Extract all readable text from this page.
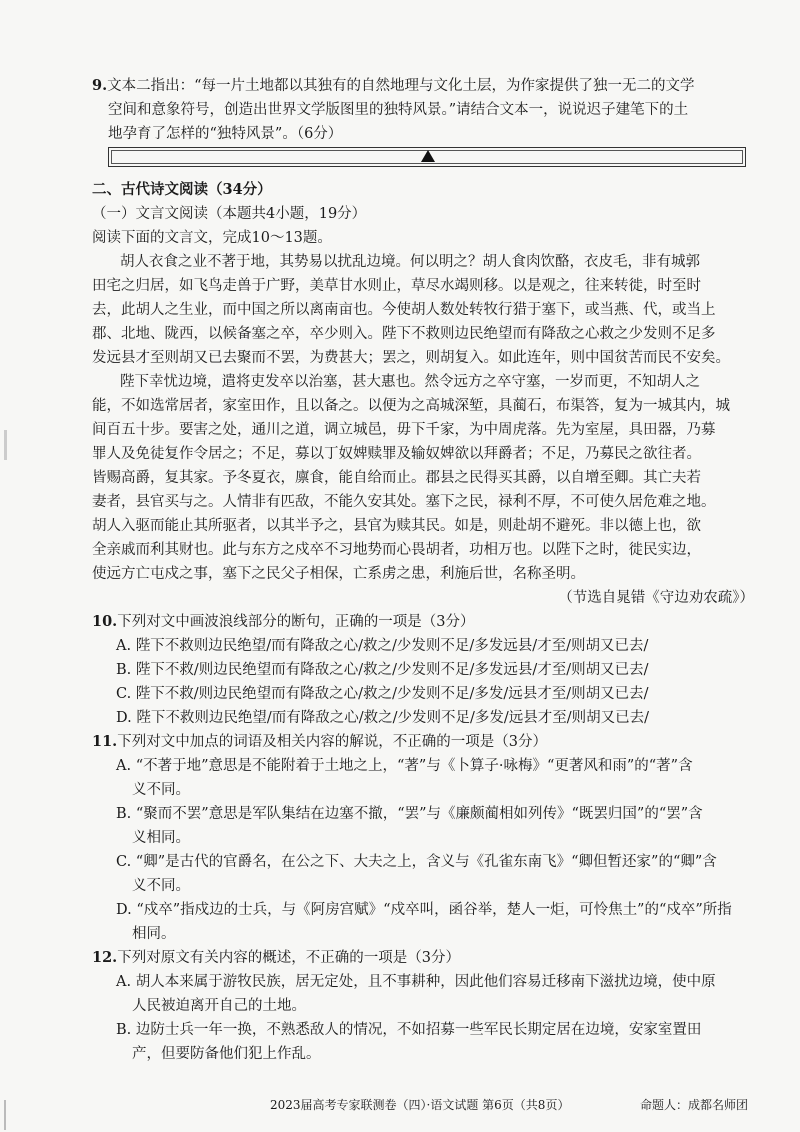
9.文本二指出：“每一片土地都以其独有的自然地理与文化土层，为作家提供了独一无二的文学
空间和意象符号，创造出世界文学版图里的独特风景。”请结合文本一，说说迟子建笔下的土
地孕育了怎样的“独特风景”。（6分）
二、古代诗文阅读（34分）
（一）文言文阅读（本题共4小题，19分）
阅读下面的文言文，完成10～13题。
胡人衣食之业不著于地，其势易以扰乱边境。何以明之？胡人食肉饮酪，衣皮毛，非有城郭
田宅之归居，如飞鸟走兽于广野，美草甘水则止，草尽水竭则移。以是观之，往来转徙，时至时
去，此胡人之生业，而中国之所以离南亩也。今使胡人数处转牧行猎于塞下，或当燕、代，或当上
郡、北地、陇西，以候备塞之卒，卒少则入。陛下不救则边民绝望而有降敌之心救之少发则不足多
发远县才至则胡又已去聚而不罢，为费甚大；罢之，则胡复入。如此连年，则中国贫苦而民不安矣。
陛下幸忧边境，遣将吏发卒以治塞，甚大惠也。然令远方之卒守塞，一岁而更，不知胡人之
能，不如选常居者，家室田作，且以备之。以便为之高城深堑，具蔺石，布渠答，复为一城其内，城
间百五十步。要害之处，通川之道，调立城邑，毋下千家，为中周虎落。先为室屋，具田器，乃募
罪人及免徒复作令居之；不足，募以丁奴婢赎罪及输奴婢欲以拜爵者；不足，乃募民之欲往者。
皆赐高爵，复其家。予冬夏衣，廪食，能自给而止。郡县之民得买其爵，以自增至卿。其亡夫若
妻者，县官买与之。人情非有匹敌，不能久安其处。塞下之民，禄利不厚，不可使久居危难之地。
胡人入驱而能止其所驱者，以其半予之，县官为赎其民。如是，则赴胡不避死。非以德上也，欲
全亲戚而利其财也。此与东方之戍卒不习地势而心畏胡者，功相万也。以陛下之时，徙民实边，
使远方亡屯戍之事，塞下之民父子相保，亡系虏之患，利施后世，名称圣明。
（节选自晁错《守边劝农疏》）
10.下列对文中画波浪线部分的断句，正确的一项是（3分）
A. 陛下不救则边民绝望/而有降敌之心/救之/少发则不足/多发远县/才至/则胡又已去/
B. 陛下不救/则边民绝望而有降敌之心/救之/少发则不足/多发远县/才至/则胡又已去/
C. 陛下不救/则边民绝望而有降敌之心/救之/少发则不足/多发/远县才至/则胡又已去/
D. 陛下不救则边民绝望/而有降敌之心/救之/少发则不足/多发/远县才至/则胡又已去/
11.下列对文中加点的词语及相关内容的解说，不正确的一项是（3分）
A. “不著于地”意思是不能附着于土地之上，“著”与《卜算子·咏梅》“更著风和雨”的“著”含
义不同。
B. “聚而不罢”意思是军队集结在边塞不撤，“罢”与《廉颇蔺相如列传》“既罢归国”的“罢”含
义相同。
C. “卿”是古代的官爵名，在公之下、大夫之上，含义与《孔雀东南飞》“卿但暂还家”的“卿”含
义不同。
D. “戍卒”指戍边的士兵，与《阿房宫赋》“戍卒叫，函谷举，楚人一炬，可怜焦土”的“戍卒”所指
相同。
12.下列对原文有关内容的概述，不正确的一项是（3分）
A. 胡人本来属于游牧民族，居无定处，且不事耕种，因此他们容易迁移南下滋扰边境，使中原
人民被迫离开自己的土地。
B. 边防士兵一年一换，不熟悉敌人的情况，不如招募一些军民长期定居在边境，安家室置田
产，但要防备他们犯上作乱。
2023届高考专家联测卷（四）·语文试题 第6页（共8页）	命题人：成都名师团
